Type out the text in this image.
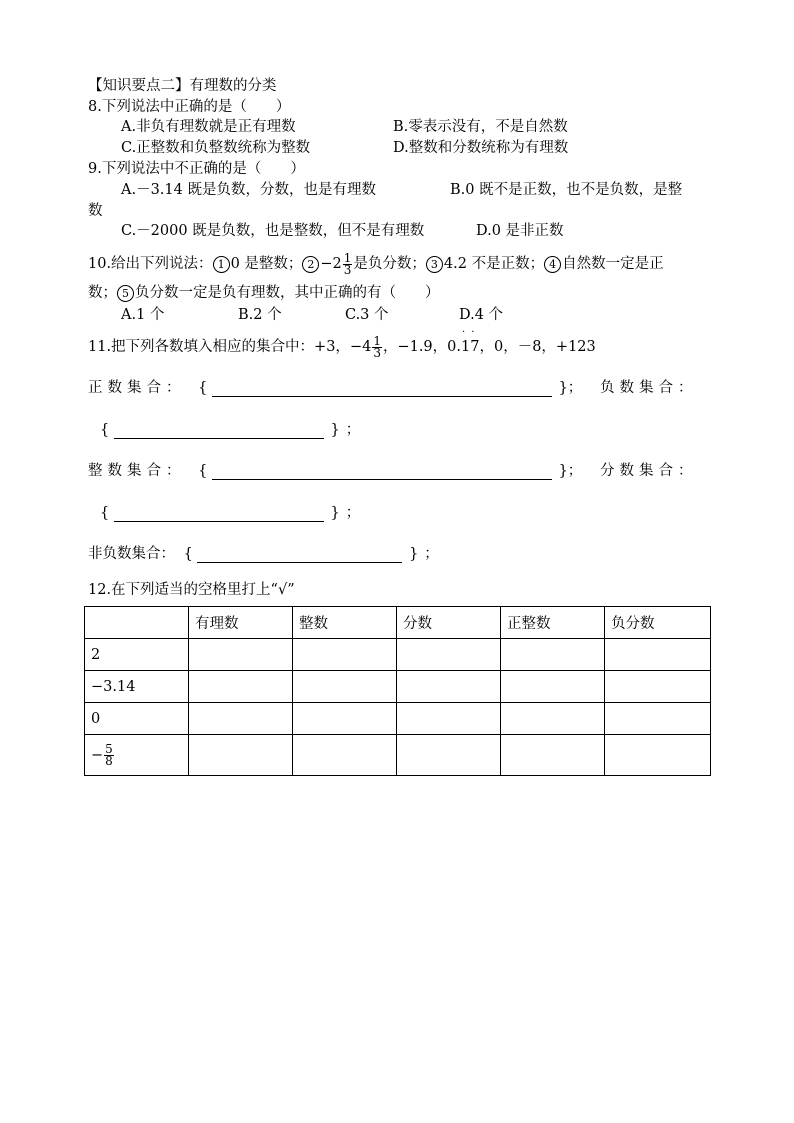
【知识要点二】有理数的分类
8.下列说法中正确的是（　　）
A.非负有理数就是正有理数	B.零表示没有，不是自然数
C.正整数和负整数统称为整数	D.整数和分数统称为有理数
9.下列说法中不正确的是（　　）
A.－3.14 既是负数，分数，也是有理数	B.0 既不是正数，也不是负数，是整
数
C.－2000 既是负数，也是整数，但不是有理数	D.0 是非正数
10.给出下列说法： 1 0 是整数； $2 -2 \frac{1}{3}$ 是负分数； 3 4.2 不是正数； 4 自然数一定是正
数； 5 负分数一定是负有理数，其中正确的有（　　）
A.1 个	B.2 个	C.3 个	D.4 个
11.把下列各数填入相应的集合中：+3，$-4 \frac{1}{3}$ ，−1.9，0.
·
1
·
7，0，－8，+123
正数集合： {	}； 负数集合：
{	} ；
整数集合： {	}； 分数集合：
{	} ；
非负数集合： {	} ；
12.在下列适当的空格里打上“√”
	有理数	整数	分数	正整数	负分数
2					
−3.14					
0					
− $\frac{5}{8}$
